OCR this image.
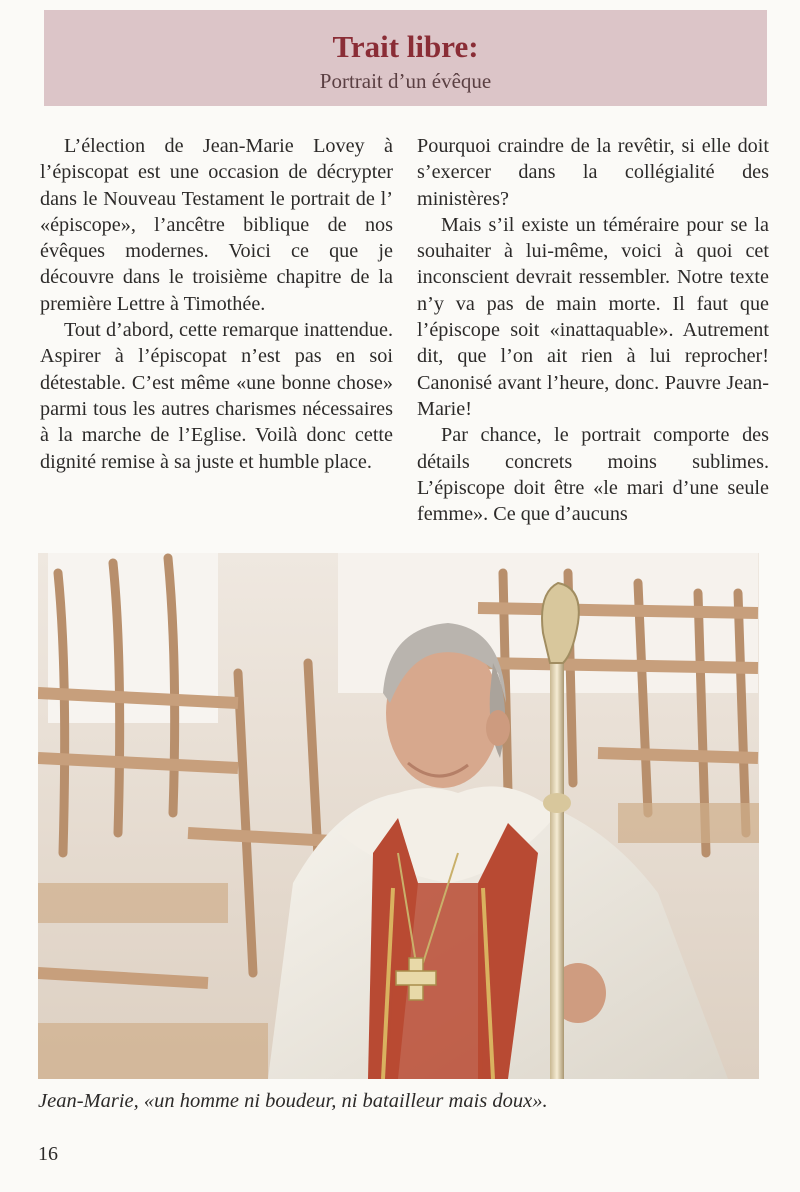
Trait libre:
Portrait d’un évêque

L’élection de Jean-Marie Lovey à l’épiscopat est une occasion de décrypter dans le Nouveau Testament le portrait de l’ «épiscope», l’ancêtre biblique de nos évêques modernes. Voici ce que je découvre dans le troisième chapitre de la première Lettre à Timothée.

Tout d’abord, cette remarque inattendue. Aspirer à l’épiscopat n’est pas en soi détestable. C’est même «une bonne chose» parmi tous les autres charismes nécessaires à la marche de l’Eglise. Voilà donc cette dignité remise à sa juste et humble place.

Pourquoi craindre de la revêtir, si elle doit s’exercer dans la collégialité des ministères?

Mais s’il existe un téméraire pour se la souhaiter à lui-même, voici à quoi cet inconscient devrait ressembler. Notre texte n’y va pas de main morte. Il faut que l’épiscope soit «inattaquable». Autrement dit, que l’on ait rien à lui reprocher! Canonisé avant l’heure, donc. Pauvre Jean-Marie!

Par chance, le portrait comporte des détails concrets moins sublimes. L’épiscope doit être «le mari d’une seule femme». Ce que d’aucuns

Jean-Marie, «un homme ni boudeur, ni batailleur mais doux».
16
